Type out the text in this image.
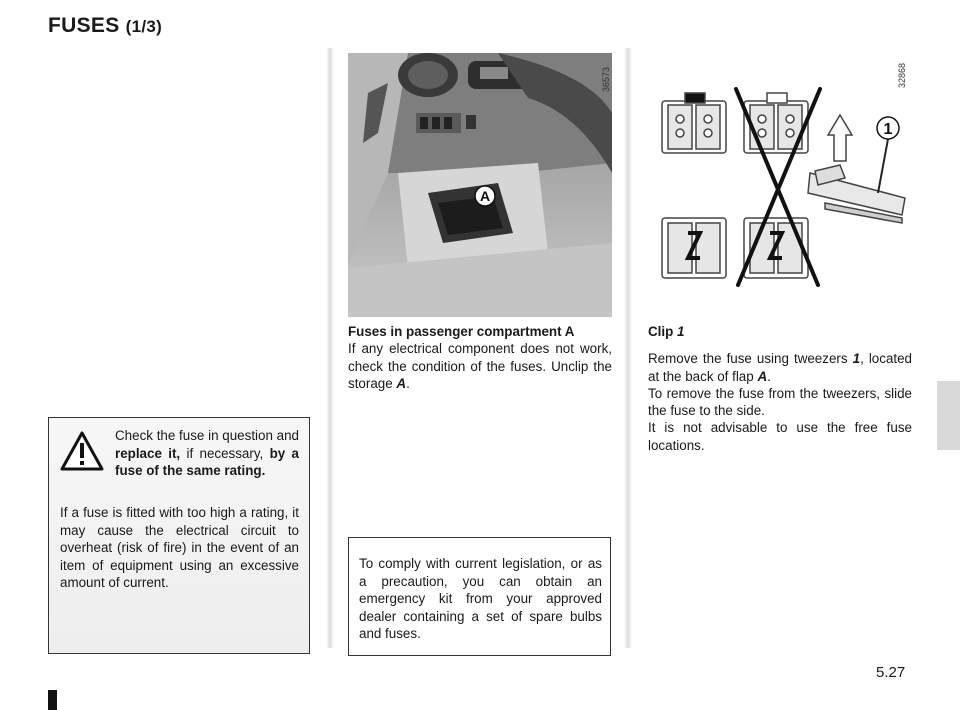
FUSES (1/3)
Check the fuse in question and replace it, if necessary, by a fuse of the same rating.
If a fuse is fitted with too high a rating, it may cause the electrical circuit to overheat (risk of fire) in the event of an item of equipment using an excessive amount of current.
A
36573
Fuses in passenger compartment A
If any electrical component does not work, check the condition of the fuses. Unclip the storage A.
To comply with current legislation, or as a precaution, you can obtain an emergency kit from your approved dealer containing a set of spare bulbs and fuses.
1
32868
Clip 1

Remove the fuse using tweezers 1, located at the back of flap A.

To remove the fuse from the tweezers, slide the fuse to the side.

It is not advisable to use the free fuse locations.

5.27
